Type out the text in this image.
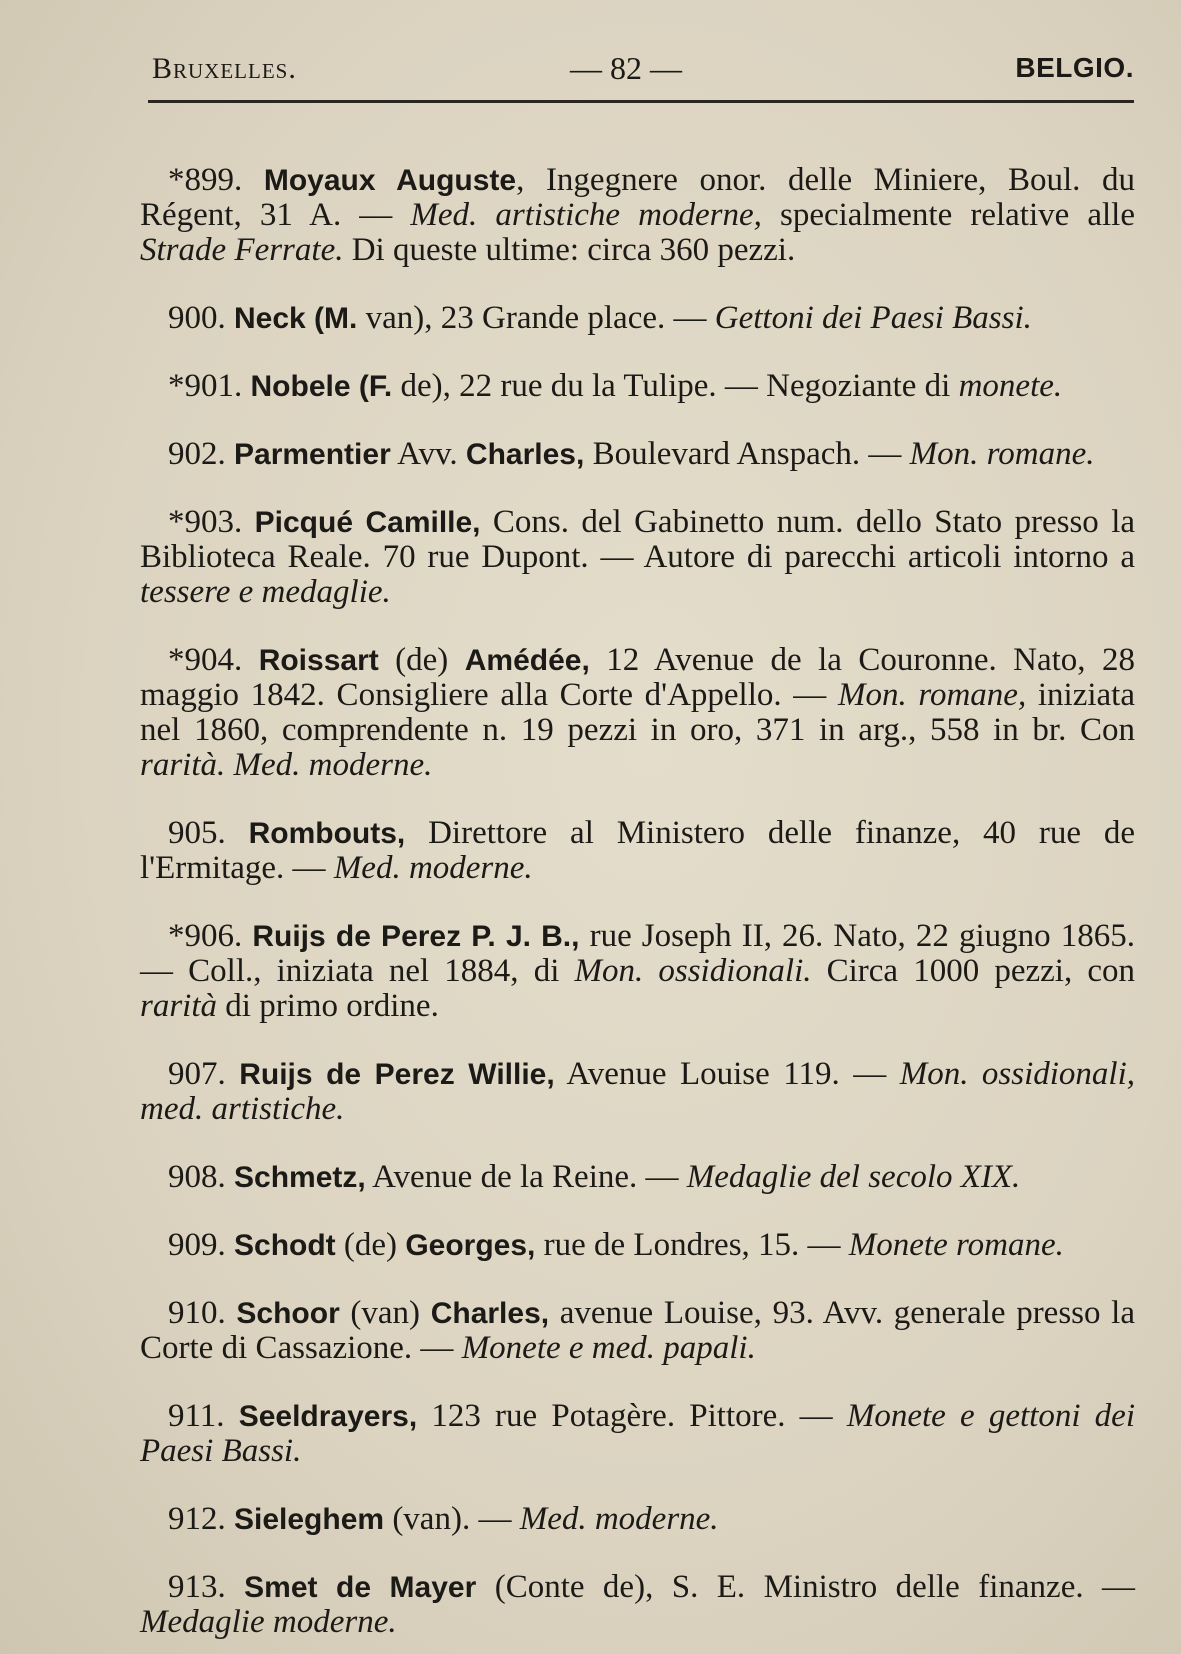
Bruxelles.	— 82 —	BELGIO.

*899. Moyaux Auguste, Ingegnere onor. delle Miniere, Boul. du Régent, 31 A. — Med. artistiche moderne, specialmente relative alle Strade Ferrate. Di queste ultime: circa 360 pezzi.

900. Neck (M. van), 23 Grande place. — Gettoni dei Paesi Bassi.

*901. Nobele (F. de), 22 rue du la Tulipe. — Negoziante di monete.

902. Parmentier Avv. Charles, Boulevard Anspach. — Mon. romane.

*903. Picqué Camille, Cons. del Gabinetto num. dello Stato presso la Biblioteca Reale. 70 rue Dupont. — Autore di parecchi articoli intorno a tessere e medaglie.

*904. Roissart (de) Amédée, 12 Avenue de la Couronne. Nato, 28 maggio 1842. Consigliere alla Corte d'Appello. — Mon. romane, iniziata nel 1860, comprendente n. 19 pezzi in oro, 371 in arg., 558 in br. Con rarità. Med. moderne.

905. Rombouts, Direttore al Ministero delle finanze, 40 rue de l'Ermitage. — Med. moderne.

*906. Ruijs de Perez P. J. B., rue Joseph II, 26. Nato, 22 giugno 1865. — Coll., iniziata nel 1884, di Mon. ossidionali. Circa 1000 pezzi, con rarità di primo ordine.

907. Ruijs de Perez Willie, Avenue Louise 119. — Mon. ossidionali, med. artistiche.

908. Schmetz, Avenue de la Reine. — Medaglie del secolo XIX.

909. Schodt (de) Georges, rue de Londres, 15. — Monete romane.

910. Schoor (van) Charles, avenue Louise, 93. Avv. generale presso la Corte di Cassazione. — Monete e med. papali.

911. Seeldrayers, 123 rue Potagère. Pittore. — Monete e gettoni dei Paesi Bassi.

912. Sieleghem (van). — Med. moderne.

913. Smet de Mayer (Conte de), S. E. Ministro delle finanze. — Medaglie moderne.
